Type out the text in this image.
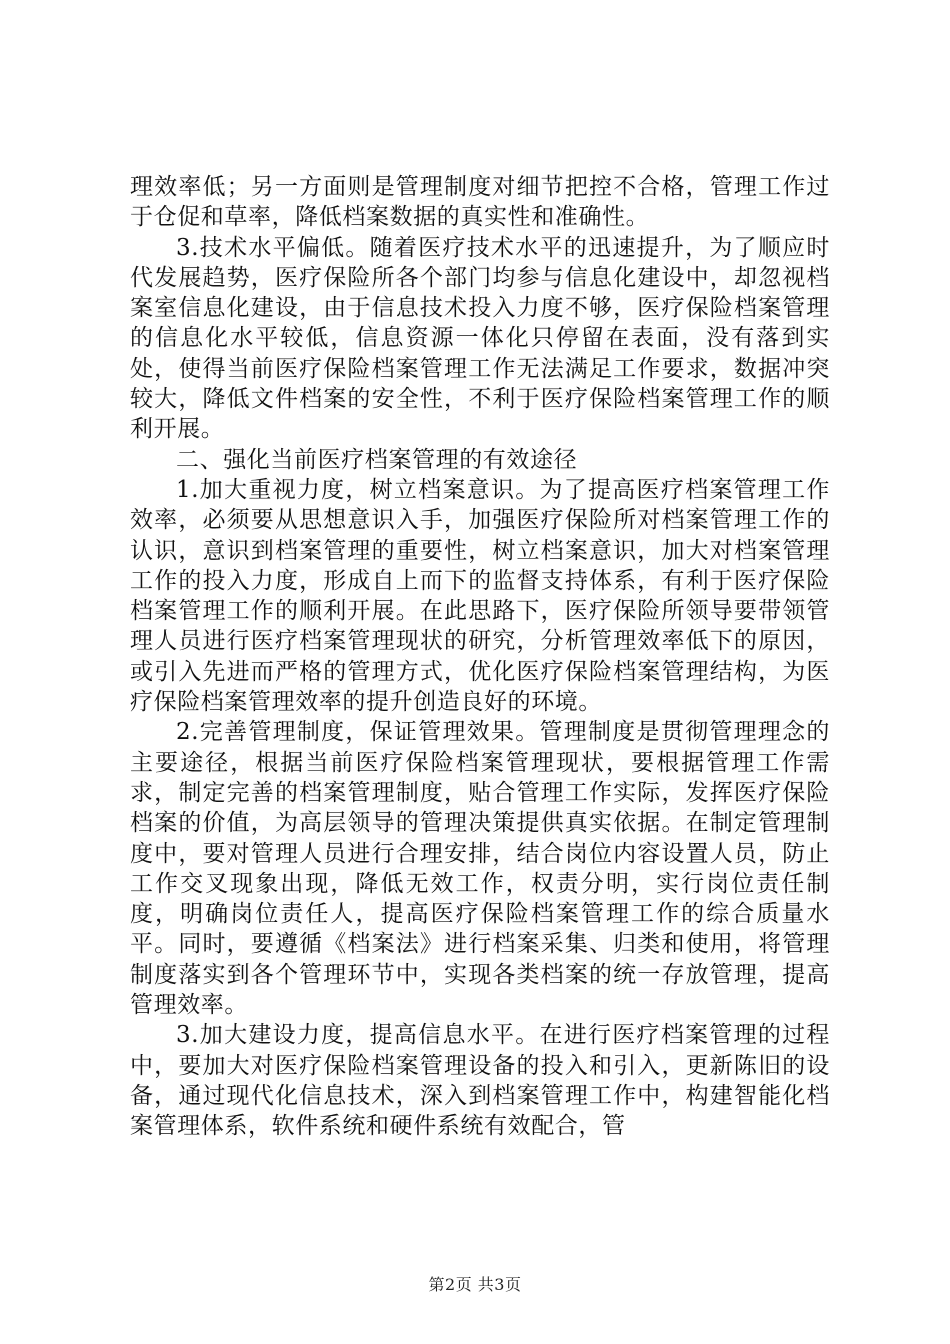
理效率低；另一方面则是管理制度对细节把控不合格，管理工作过于仓促和草率，降低档案数据的真实性和准确性。

3.技术水平偏低。随着医疗技术水平的迅速提升，为了顺应时代发展趋势，医疗保险所各个部门均参与信息化建设中，却忽视档案室信息化建设，由于信息技术投入力度不够，医疗保险档案管理的信息化水平较低，信息资源一体化只停留在表面，没有落到实处，使得当前医疗保险档案管理工作无法满足工作要求，数据冲突较大，降低文件档案的安全性，不利于医疗保险档案管理工作的顺利开展。

二、强化当前医疗档案管理的有效途径

1.加大重视力度，树立档案意识。为了提高医疗档案管理工作效率，必须要从思想意识入手，加强医疗保险所对档案管理工作的认识，意识到档案管理的重要性，树立档案意识，加大对档案管理工作的投入力度，形成自上而下的监督支持体系，有利于医疗保险档案管理工作的顺利开展。在此思路下，医疗保险所领导要带领管理人员进行医疗档案管理现状的研究，分析管理效率低下的原因，或引入先进而严格的管理方式，优化医疗保险档案管理结构，为医疗保险档案管理效率的提升创造良好的环境。

2.完善管理制度，保证管理效果。管理制度是贯彻管理理念的主要途径，根据当前医疗保险档案管理现状，要根据管理工作需求，制定完善的档案管理制度，贴合管理工作实际，发挥医疗保险档案的价值，为高层领导的管理决策提供真实依据。在制定管理制度中，要对管理人员进行合理安排，结合岗位内容设置人员，防止工作交叉现象出现，降低无效工作，权责分明，实行岗位责任制度，明确岗位责任人，提高医疗保险档案管理工作的综合质量水平。同时，要遵循《档案法》进行档案采集、归类和使用，将管理制度落实到各个管理环节中，实现各类档案的统一存放管理，提高管理效率。

3.加大建设力度，提高信息水平。在进行医疗档案管理的过程中，要加大对医疗保险档案管理设备的投入和引入，更新陈旧的设备，通过现代化信息技术，深入到档案管理工作中，构建智能化档案管理体系，软件系统和硬件系统有效配合，管

第2页 共3页
